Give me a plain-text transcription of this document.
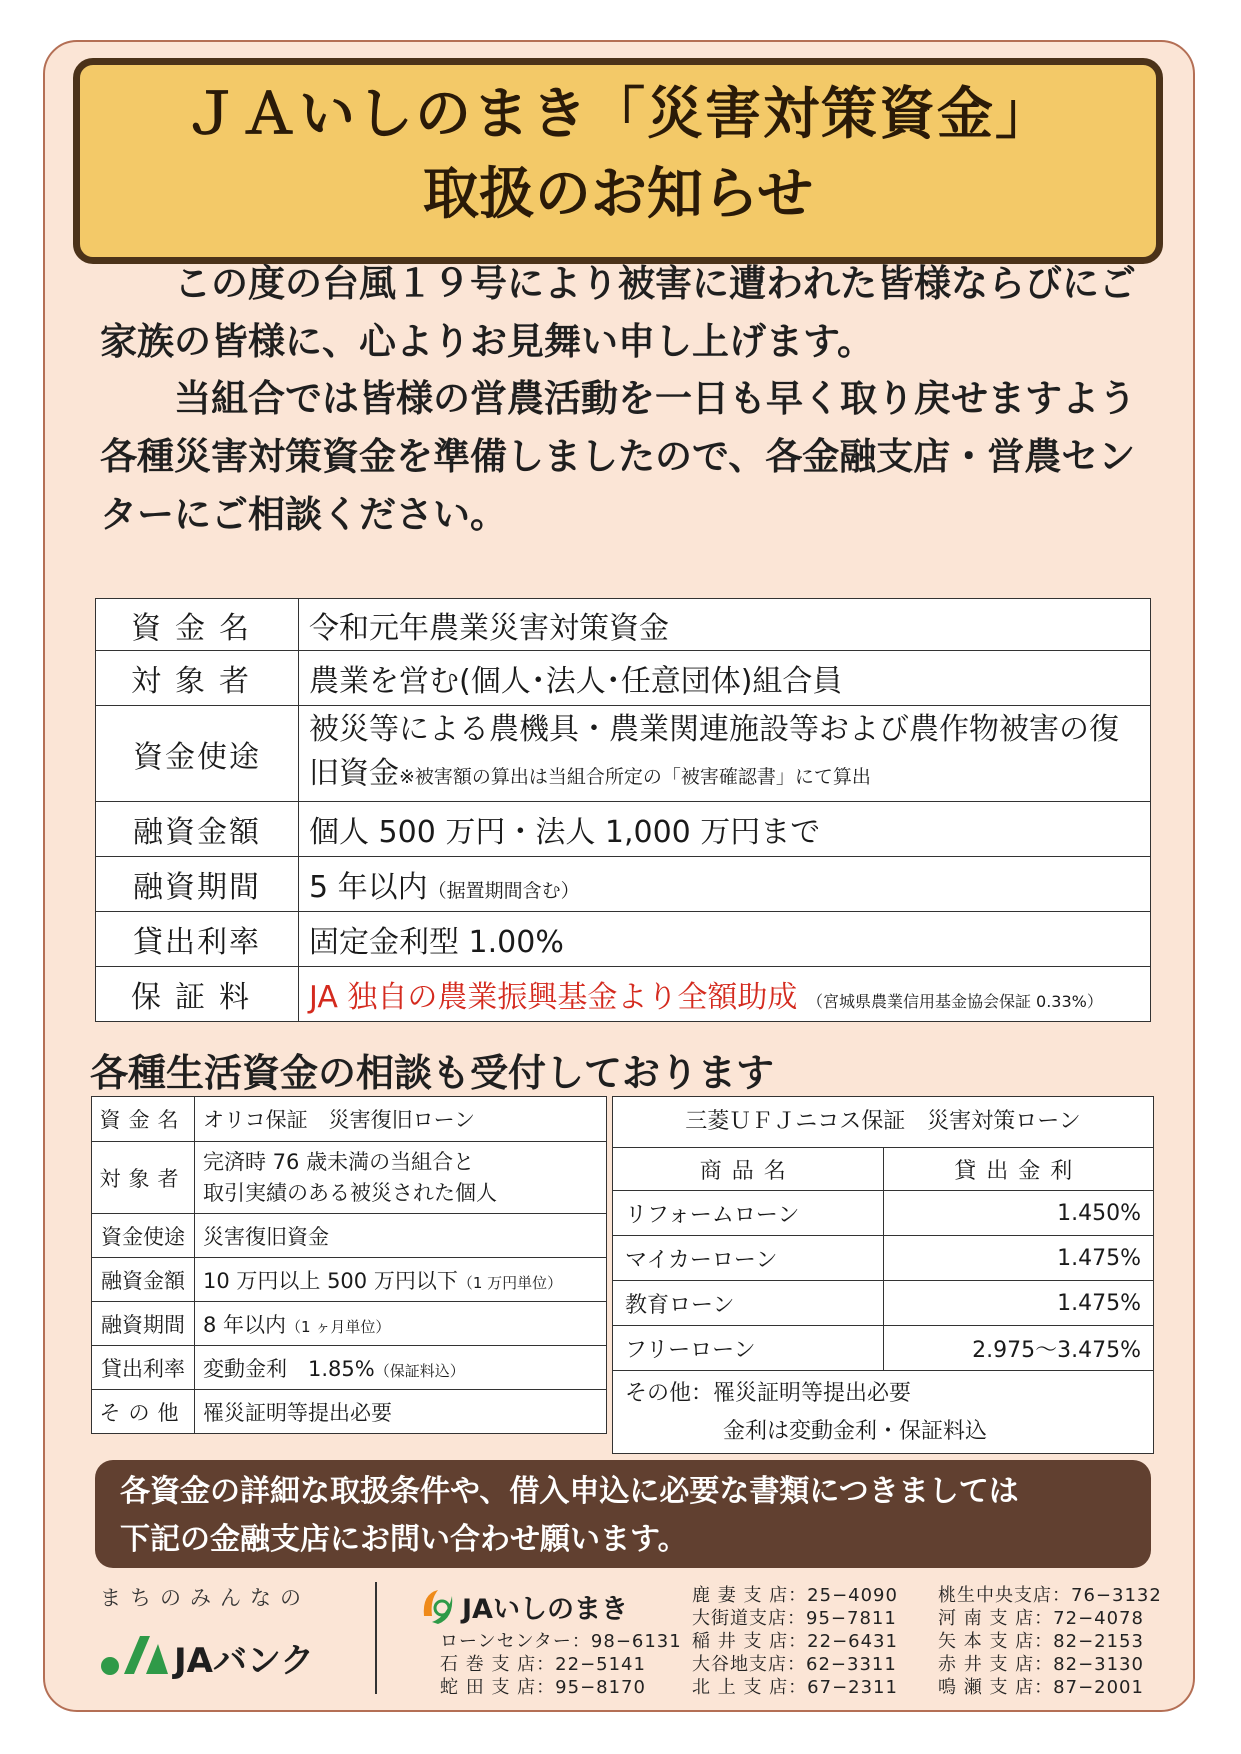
ＪＡいしのまき「災害対策資金」
取扱のお知らせ

この度の台風１９号により被害に遭われた皆様ならびにご家族の皆様に、心よりお見舞い申し上げます。

当組合では皆様の営農活動を一日も早く取り戻せますよう各種災害対策資金を準備しましたので、各金融支店・営農センターにご相談ください。

資金名	令和元年農業災害対策資金
対象者	農業を営む(個人･法人･任意団体)組合員
資金使途	被災等による農機具・農業関連施設等および農作物被害の復旧資金※被害額の算出は当組合所定の「被害確認書」にて算出
融資金額	個人 500 万円・法人 1,000 万円まで
融資期間	5 年以内（据置期間含む）
貸出利率	固定金利型 1.00%
保証料	JA 独自の農業振興基金より全額助成 （宮城県農業信用基金協会保証 0.33%）
各種生活資金の相談も受付しております
資金名	オリコ保証　災害復旧ローン
対象者	完済時 76 歳未満の当組合と
取引実績のある被災された個人

資金使途	災害復旧資金
融資金額	10 万円以上 500 万円以下（1 万円単位）
融資期間	8 年以内（1 ヶ月単位）
貸出利率	変動金利　1.85%（保証料込）
その他	罹災証明等提出必要
三菱ＵＦＪニコス保証　災害対策ローン
商品名	貸出金利
リフォームローン	1.450%
マイカーローン	1.475%
教育ローン	1.475%
フリーローン	2.975～3.475%
その他：罹災証明等提出必要
金利は変動金利・保証料込
各資金の詳細な取扱条件や、借入申込に必要な書類につきましては
下記の金融支店にお問い合わせ願います。
まちのみんなの
JAバンク
JAいしのまき
ローンセンター：98−6131
石 巻 支 店：22−5141
蛇 田 支 店：95−8170
鹿 妻 支 店：25−4090
大街道支店：95−7811
稲 井 支 店：22−6431
大谷地支店：62−3311
北 上 支 店：67−2311
桃生中央支店：76−3132
河 南 支 店：72−4078
矢 本 支 店：82−2153
赤 井 支 店：82−3130
鳴 瀬 支 店：87−2001
